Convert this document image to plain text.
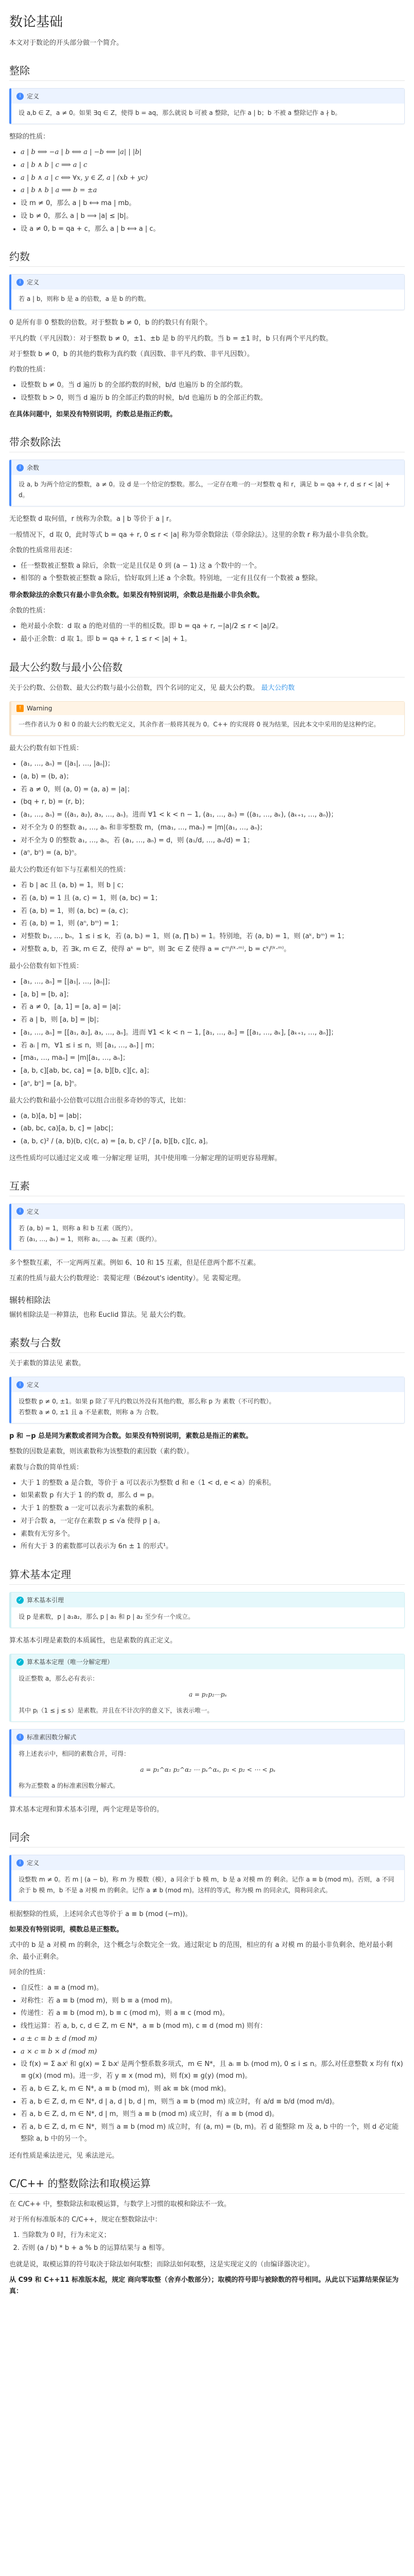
数论基础

本文对于数论的开头部分做一个简介。

整除
i 定义
设 a,b ∈ Z，a ≠ 0。如果 ∃q ∈ Z，使得 b = aq，那么就说 b 可被 a 整除，记作 a | b；b 不被 a 整除记作 a ∤ b。

整除的性质：

• a | b ⟺ −a | b ⟺ a | −b ⟺ |a| | |b|
• a | b ∧ b | c ⟹ a | c
• a | b ∧ a | c ⟺ ∀x, y ∈ Z, a | (xb + yc)
• a | b ∧ b | a ⟹ b = ±a
• 设 m ≠ 0，那么 a | b ⟺ ma | mb。
• 设 b ≠ 0，那么 a | b ⟹ |a| ≤ |b|。
• 设 a ≠ 0, b = qa + c，那么 a | b ⟺ a | c。
约数
i 定义
若 a | b，则称 b 是 a 的倍数，a 是 b 的约数。

0 是所有非 0 整数的倍数。对于整数 b ≠ 0，b 的约数只有有限个。

平凡约数（平凡因数）：对于整数 b ≠ 0，±1、±b 是 b 的平凡约数。当 b = ±1 时，b 只有两个平凡约数。

对于整数 b ≠ 0，b 的其他约数称为真约数（真因数、非平凡约数、非平凡因数）。

约数的性质：

• 设整数 b ≠ 0。当 d 遍历 b 的全部约数的时候，b/d 也遍历 b 的全部约数。
• 设整数 b > 0，则当 d 遍历 b 的全部正约数的时候，b/d 也遍历 b 的全部正约数。

在具体问题中，如果没有特别说明，约数总是指正约数。

带余数除法
i 余数
设 a, b 为两个给定的整数，a ≠ 0。设 d 是一个给定的整数。那么，一定存在唯一的一对整数 q 和 r，满足 b = qa + r, d ≤ r < |a| + d。

无论整数 d 取何值，r 统称为余数。a | b 等价于 a | r。

一般情况下，d 取 0，此时等式 b = qa + r, 0 ≤ r < |a| 称为带余数除法（带余除法）。这里的余数 r 称为最小非负余数。

余数的性质常用表述：

• 任一整数被正整数 a 除后，余数一定是且仅是 0 到 (a − 1) 这 a 个数中的一个。
• 相邻的 a 个整数被正整数 a 除后，恰好取到上述 a 个余数。特别地，一定有且仅有一个数被 a 整除。

带余数除法的余数只有最小非负余数。如果没有特别说明，余数总是指最小非负余数。

余数的性质：

• 绝对最小余数：d 取 a 的绝对值的一半的相反数。即 b = qa + r, −|a|/2 ≤ r < |a|/2。
• 最小正余数：d 取 1。即 b = qa + r, 1 ≤ r < |a| + 1。
最大公约数与最小公倍数

关于公约数、公倍数、最大公约数与最小公倍数，四个名词的定义，见 最大公约数。 最大公约数

! Warning
一些作者认为 0 和 0 的最大公约数无定义，其余作者一般将其视为 0。C++ 的实现将 0 视为结果，因此本文中采用的是这种约定。

最大公约数有如下性质：

• (a₁, …, aₙ) = (|a₁|, …, |aₙ|)；
• (a, b) = (b, a)；
• 若 a ≠ 0，则 (a, 0) = (a, a) = |a|；
• (bq + r, b) = (r, b)；
• (a₁, …, aₙ) = ((a₁, a₂), a₃, …, aₙ)。进而 ∀1 < k < n − 1, (a₁, …, aₙ) = ((a₁, …, aₖ), (aₖ₊₁, …, aₙ))；
• 对不全为 0 的整数 a₁, …, aₙ 和非零整数 m，(ma₁, …, maₙ) = |m|(a₁, …, aₙ)；
• 对不全为 0 的整数 a₁, …, aₙ，若 (a₁, …, aₙ) = d，则 (a₁/d, …, aₙ/d) = 1；
• (aⁿ, bⁿ) = (a, b)ⁿ。

最大公约数还有如下与互素相关的性质：

• 若 b | ac 且 (a, b) = 1，则 b | c；
• 若 (a, b) = 1 且 (a, c) = 1，则 (a, bc) = 1；
• 若 (a, b) = 1，则 (a, bc) = (a, c)；
• 若 (a, b) = 1，则 (aⁿ, bᵐ) = 1；
• 对整数 b₁, …, bₙ，1 ≤ i ≤ k，若 (a, bᵢ) = 1，则 (a, ∏ bᵢ) = 1。特别地，若 (a, b) = 1，则 (aᵏ, bᵐ) = 1；
• 对整数 a, b，若 ∃k, m ∈ Z，使得 aᵏ = bᵐ，则 ∃c ∈ Z 使得 a = cᵐ/⁽ᵏ·ᵐ⁾, b = cᵏ/⁽ᵏ·ᵐ⁾。

最小公倍数有如下性质：

• [a₁, …, aₙ] = [|a₁|, …, |aₙ|]；
• [a, b] = [b, a]；
• 若 a ≠ 0，[a, 1] = [a, a] = |a|；
• 若 a | b，则 [a, b] = |b|；
• [a₁, …, aₙ] = [[a₁, a₂], a₃, …, aₙ]。进而 ∀1 < k < n − 1, [a₁, …, aₙ] = [[a₁, …, aₖ], [aₖ₊₁, …, aₙ]]；
• 若 aᵢ | m，∀1 ≤ i ≤ n，则 [a₁, …, aₙ] | m；
• [ma₁, …, maₙ] = |m|[a₁, …, aₙ]；
• [a, b, c][ab, bc, ca] = [a, b][b, c][c, a]；
• [aⁿ, bⁿ] = [a, b]ⁿ。

最大公约数和最小公倍数可以组合出很多奇妙的等式，比如：

• (a, b)[a, b] = |ab|；
• (ab, bc, ca)[a, b, c] = |abc|；
• (a, b, c)² / (a, b)(b, c)(c, a) = [a, b, c]² / [a, b][b, c][c, a]。

这些性质均可以通过定义或 唯一分解定理 证明，其中使用唯一分解定理的证明更容易理解。

互素
i 定义
若 (a, b) = 1，则称 a 和 b 互素（既约）。
若 (a₁, …, aₖ) = 1，则称 a₁, …, aₖ 互素（既约）。

多个整数互素，不一定两两互素。例如 6、10 和 15 互素，但是任意两个都不互素。

互素的性质与最大公约数理论：裴蜀定理（Bézout's identity）。见 裴蜀定理。

辗转相除法

辗转相除法是一种算法，也称 Euclid 算法。见 最大公约数。

素数与合数

关于素数的算法见 素数。

i 定义
设整数 p ≠ 0, ±1。如果 p 除了平凡约数以外没有其他约数，那么称 p 为 素数（不可约数）。
若整数 a ≠ 0, ±1 且 a 不是素数，则称 a 为 合数。

p 和 −p 总是同为素数或者同为合数。如果没有特别说明，素数总是指正的素数。

整数的因数是素数，则该素数称为该整数的素因数（素约数）。

素数与合数的简单性质：

• 大于 1 的整数 a 是合数，等价于 a 可以表示为整数 d 和 e（1 < d, e < a）的乘积。
• 如果素数 p 有大于 1 的约数 d，那么 d = p。
• 大于 1 的整数 a 一定可以表示为素数的乘积。
• 对于合数 a，一定存在素数 p ≤ √a 使得 p | a。
• 素数有无穷多个。
• 所有大于 3 的素数都可以表示为 6n ± 1 的形式¹。
算术基本定理
✓ 算术基本引理
设 p 是素数，p | a₁a₂，那么 p | a₁ 和 p | a₂ 至少有一个成立。

算术基本引理是素数的本质属性，也是素数的真正定义。

✓ 算术基本定理（唯一分解定理）
设正整数 a，那么必有表示：
a = p₁p₂⋯pₛ
其中 pⱼ（1 ≤ j ≤ s）是素数。并且在不计次序的意义下，该表示唯一。
i 标准素因数分解式
将上述表示中，相同的素数合并，可得：
a = p₁^α₁ p₂^α₂ ⋯ pₛ^αₛ, p₁ < p₂ < ⋯ < pₛ
称为正整数 a 的标准素因数分解式。

算术基本定理和算术基本引理，两个定理是等价的。

同余
i 定义
设整数 m ≠ 0。若 m | (a − b)，称 m 为 模数（模），a 同余于 b 模 m，b 是 a 对模 m 的 剩余。记作 a ≡ b (mod m)。否则，a 不同余于 b 模 m，b 不是 a 对模 m 的剩余。记作 a ≢ b (mod m)。这样的等式，称为模 m 的同余式，简称同余式。

根据整除的性质，上述同余式也等价于 a ≡ b (mod (−m))。

如果没有特别说明，模数总是正整数。

式中的 b 是 a 对模 m 的剩余，这个概念与余数完全一致。通过限定 b 的范围，相应的有 a 对模 m 的最小非负剩余、绝对最小剩余、最小正剩余。

同余的性质：

• 自反性：a ≡ a (mod m)。
• 对称性：若 a ≡ b (mod m)，则 b ≡ a (mod m)。
• 传递性：若 a ≡ b (mod m), b ≡ c (mod m)，则 a ≡ c (mod m)。
• 线性运算：若 a, b, c, d ∈ Z, m ∈ N*，a ≡ b (mod m), c ≡ d (mod m) 则有：
• a ± c ≡ b ± d (mod m)
• a × c ≡ b × d (mod m)
• 设 f(x) = Σ aᵢxⁱ 和 g(x) = Σ bᵢxⁱ 是两个整系数多项式，m ∈ N*，且 aᵢ ≡ bᵢ (mod m), 0 ≤ i ≤ n。那么对任意整数 x 均有 f(x) ≡ g(x) (mod m)。进一步，若 y ≡ x (mod m)，则 f(x) ≡ g(y) (mod m)。
• 若 a, b ∈ Z, k, m ∈ N*, a ≡ b (mod m)，则 ak ≡ bk (mod mk)。
• 若 a, b ∈ Z, d, m ∈ N*, d | a, d | b, d | m，则当 a ≡ b (mod m) 成立时，有 a/d ≡ b/d (mod m/d)。
• 若 a, b ∈ Z, d, m ∈ N*, d | m，则当 a ≡ b (mod m) 成立时，有 a ≡ b (mod d)。
• 若 a, b ∈ Z, d, m ∈ N*，则当 a ≡ b (mod m) 成立时，有 (a, m) = (b, m)。若 d 能整除 m 及 a, b 中的一个，则 d 必定能整除 a, b 中的另一个。

还有性质是乘法逆元，见 乘法逆元。

C/C++ 的整数除法和取模运算

在 C/C++ 中，整数除法和取模运算，与数学上习惯的取模和除法不一致。

对于所有标准版本的 C/C++，规定在整数除法中：

1. 当除数为 0 时，行为未定义；
2. 否则 (a / b) * b + a % b 的运算结果与 a 相等。

也就是说，取模运算的符号取决于除法如何取整；而除法如何取整，这是实现定义的（由编译器决定）。

从 C99 和 C++11 标准版本起，规定 商向零取整（舍弃小数部分）；取模的符号即与被除数的符号相同。从此以下运算结果保证为真：
